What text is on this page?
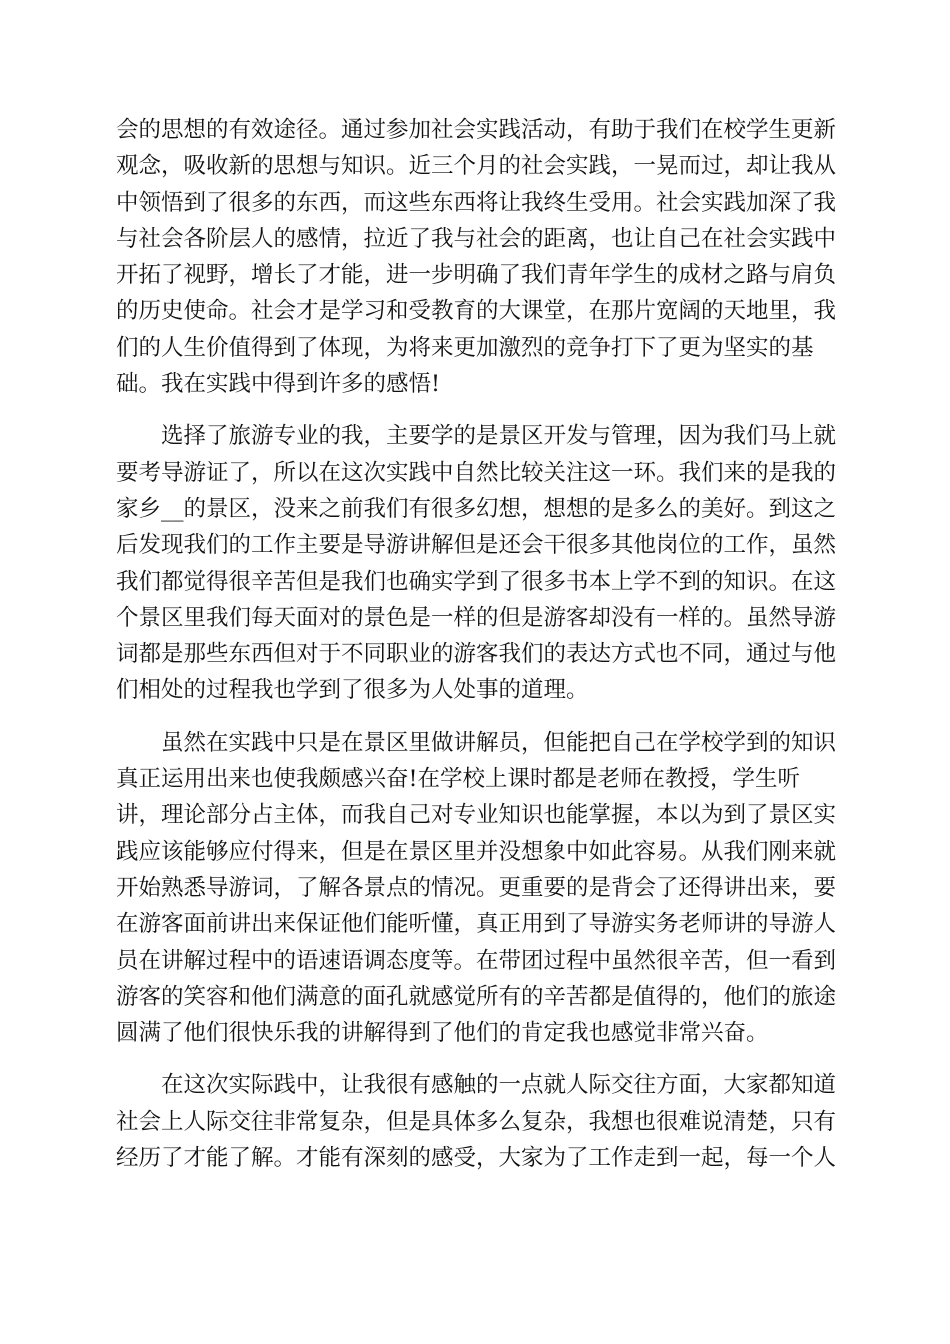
会的思想的有效途径。通过参加社会实践活动，有助于我们在校学生更新
观念，吸收新的思想与知识。近三个月的社会实践，一晃而过，却让我从
中领悟到了很多的东西，而这些东西将让我终生受用。社会实践加深了我
与社会各阶层人的感情，拉近了我与社会的距离，也让自己在社会实践中
开拓了视野，增长了才能，进一步明确了我们青年学生的成材之路与肩负
的历史使命。社会才是学习和受教育的大课堂，在那片宽阔的天地里，我
们的人生价值得到了体现，为将来更加激烈的竞争打下了更为坚实的基
础。我在实践中得到许多的感悟!

　　选择了旅游专业的我，主要学的是景区开发与管理，因为我们马上就
要考导游证了，所以在这次实践中自然比较关注这一环。我们来的是我的
家乡__的景区，没来之前我们有很多幻想，想想的是多么的美好。到这之
后发现我们的工作主要是导游讲解但是还会干很多其他岗位的工作，虽然
我们都觉得很辛苦但是我们也确实学到了很多书本上学不到的知识。在这
个景区里我们每天面对的景色是一样的但是游客却没有一样的。虽然导游
词都是那些东西但对于不同职业的游客我们的表达方式也不同，通过与他
们相处的过程我也学到了很多为人处事的道理。

　　虽然在实践中只是在景区里做讲解员，但能把自己在学校学到的知识
真正运用出来也使我颇感兴奋!在学校上课时都是老师在教授，学生听
讲，理论部分占主体，而我自己对专业知识也能掌握，本以为到了景区实
践应该能够应付得来，但是在景区里并没想象中如此容易。从我们刚来就
开始熟悉导游词，了解各景点的情况。更重要的是背会了还得讲出来，要
在游客面前讲出来保证他们能听懂，真正用到了导游实务老师讲的导游人
员在讲解过程中的语速语调态度等。在带团过程中虽然很辛苦，但一看到
游客的笑容和他们满意的面孔就感觉所有的辛苦都是值得的，他们的旅途
圆满了他们很快乐我的讲解得到了他们的肯定我也感觉非常兴奋。

　　在这次实际践中，让我很有感触的一点就人际交往方面，大家都知道
社会上人际交往非常复杂，但是具体多么复杂，我想也很难说清楚，只有
经历了才能了解。才能有深刻的感受，大家为了工作走到一起，每一个人
